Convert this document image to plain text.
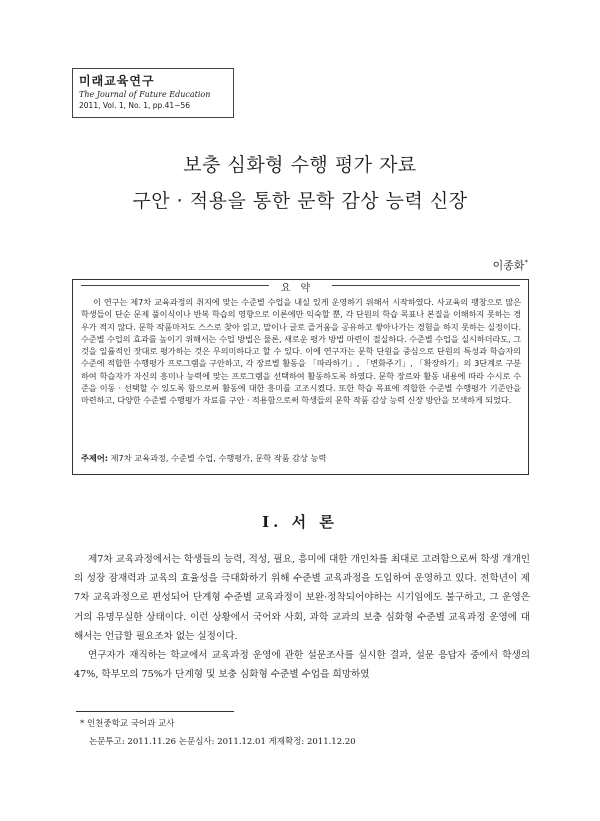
미래교육연구
The Journal of Future Education
2011, Vol. 1, No. 1, pp.41~56
보충 심화형 수행 평가 자료
구안 · 적용을 통한 문학 감상 능력 신장
이종화*
요약
이 연구는 제7차 교육과정의 취지에 맞는 수준별 수업을 내실 있게 운영하기 위해서 시작하였다. 사교육의 팽창으로 많은 학생들이 단순 문제 풀이식이나 반복 학습의 영향으로 이론에만 익숙할 뿐, 각 단원의 학습 목표나 본질을 이해하지 못하는 경우가 적지 않다. 문학 작품마저도 스스로 찾아 읽고, 말이나 글로 즐거움을 공유하고 쌓아나가는 경험을 하지 못하는 실정이다. 수준별 수업의 효과를 높이기 위해서는 수업 방법은 물론, 새로운 평가 방법 마련이 절실하다. 수준별 수업을 실시하더라도, 그것을 일률적인 잣대로 평가하는 것은 무의미하다고 할 수 있다. 이에 연구자는 문학 단원을 중심으로 단원의 특성과 학습자의 수준에 적합한 수행평가 프로그램을 구안하고, 각 장르별 활동을 「따라하기」, 「변화주기」, 「확장하기」의 3단계로 구분하여 학습자가 자신의 흥미나 능력에 맞는 프로그램을 선택하여 활동하도록 하였다. 문학 장르와 활동 내용에 따라 수시로 수준을 이동 · 선택할 수 있도록 함으로써 활동에 대한 흥미를 고조시켰다. 또한 학습 목표에 적합한 수준별 수행평가 기준안을 마련하고, 다양한 수준별 수행평가 자료를 구안 · 적용함으로써 학생들의 문학 작품 감상 능력 신장 방안을 모색하게 되었다.
주제어: 제7차 교육과정, 수준별 수업, 수행평가, 문학 작품 감상 능력
Ⅰ. 서 론

제7차 교육과정에서는 학생들의 능력, 적성, 필요, 흥미에 대한 개인차를 최대로 고려함으로써 학생 개개인의 성장 잠재력과 교육의 효율성을 극대화하기 위해 수준별 교육과정을 도입하여 운영하고 있다. 전학년이 제7차 교육과정으로 편성되어 단계형 수준별 교육과정이 보완·정착되어야하는 시기임에도 불구하고, 그 운영은 거의 유명무실한 상태이다. 이런 상황에서 국어와 사회, 과학 교과의 보충 심화형 수준별 교육과정 운영에 대해서는 언급할 필요조차 없는 실정이다.

연구자가 재직하는 학교에서 교육과정 운영에 관한 설문조사를 실시한 결과, 설문 응답자 중에서 학생의 47%, 학부모의 75%가 단계형 및 보충 심화형 수준별 수업을 희망하였

* 인천중학교 국어과 교사
논문투고: 2011.11.26 논문심사: 2011.12.01 게재확정: 2011.12.20
